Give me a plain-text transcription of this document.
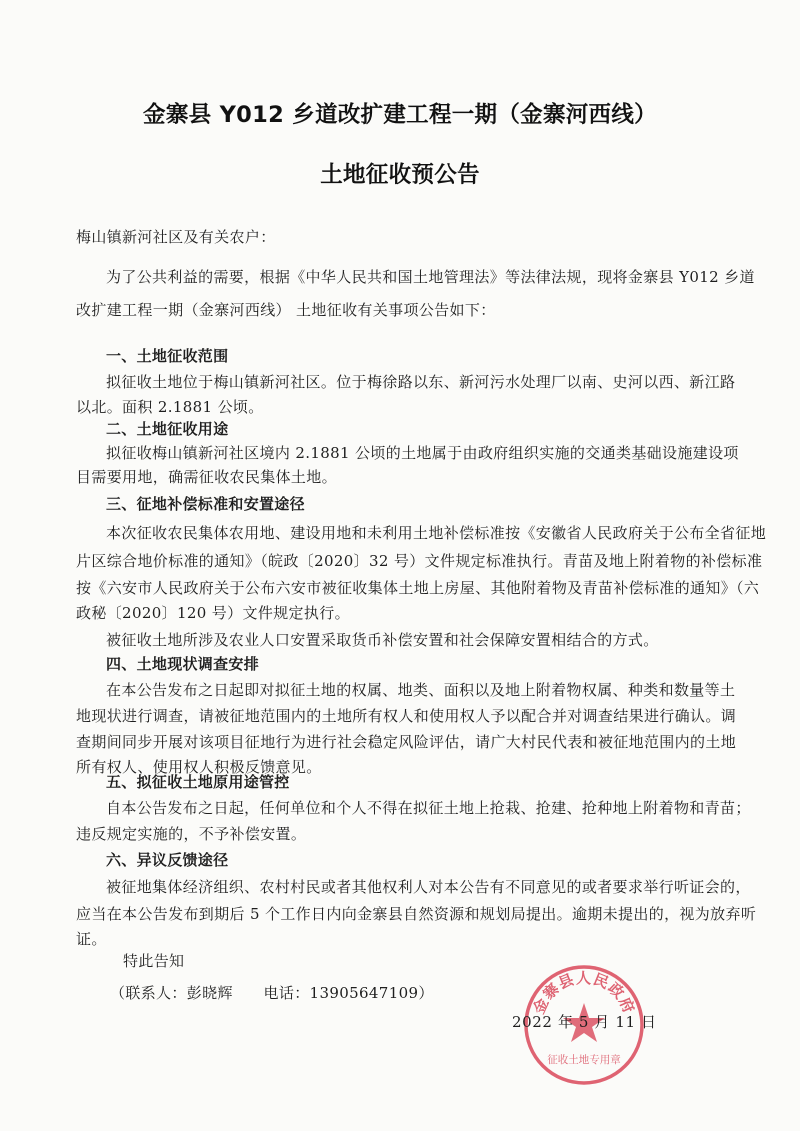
金寨县 Y012 乡道改扩建工程一期（金寨河西线）
土地征收预公告
梅山镇新河社区及有关农户：
为了公共利益的需要，根据《中华人民共和国土地管理法》等法律法规，现将金寨县 Y012 乡道
改扩建工程一期（金寨河西线） 土地征收有关事项公告如下：
一、土地征收范围
拟征收土地位于梅山镇新河社区。位于梅徐路以东、新河污水处理厂以南、史河以西、新江路
以北。面积 2.1881 公顷。
二、土地征收用途
拟征收梅山镇新河社区境内 2.1881 公顷的土地属于由政府组织实施的交通类基础设施建设项
目需要用地，确需征收农民集体土地。
三、征地补偿标准和安置途径
本次征收农民集体农用地、建设用地和未利用土地补偿标准按《安徽省人民政府关于公布全省征地
片区综合地价标准的通知》（皖政〔2020〕32 号）文件规定标准执行。青苗及地上附着物的补偿标准
按《六安市人民政府关于公布六安市被征收集体土地上房屋、其他附着物及青苗补偿标准的通知》（六
政秘〔2020〕120 号）文件规定执行。
被征收土地所涉及农业人口安置采取货币补偿安置和社会保障安置相结合的方式。
四、土地现状调查安排
在本公告发布之日起即对拟征土地的权属、地类、面积以及地上附着物权属、种类和数量等土
地现状进行调查，请被征地范围内的土地所有权人和使用权人予以配合并对调查结果进行确认。调
查期间同步开展对该项目征地行为进行社会稳定风险评估，请广大村民代表和被征地范围内的土地
所有权人、使用权人积极反馈意见。
五、拟征收土地原用途管控
自本公告发布之日起，任何单位和个人不得在拟征土地上抢栽、抢建、抢种地上附着物和青苗；
违反规定实施的，不予补偿安置。
六、异议反馈途径
被征地集体经济组织、农村村民或者其他权利人对本公告有不同意见的或者要求举行听证会的，
应当在本公告发布到期后 5 个工作日内向金寨县自然资源和规划局提出。逾期未提出的，视为放弃听
证。
特此告知
（联系人：彭晓辉　　电话：13905647109）
金寨县人民政府
征收土地专用章
2022 年 5 月 11 日
